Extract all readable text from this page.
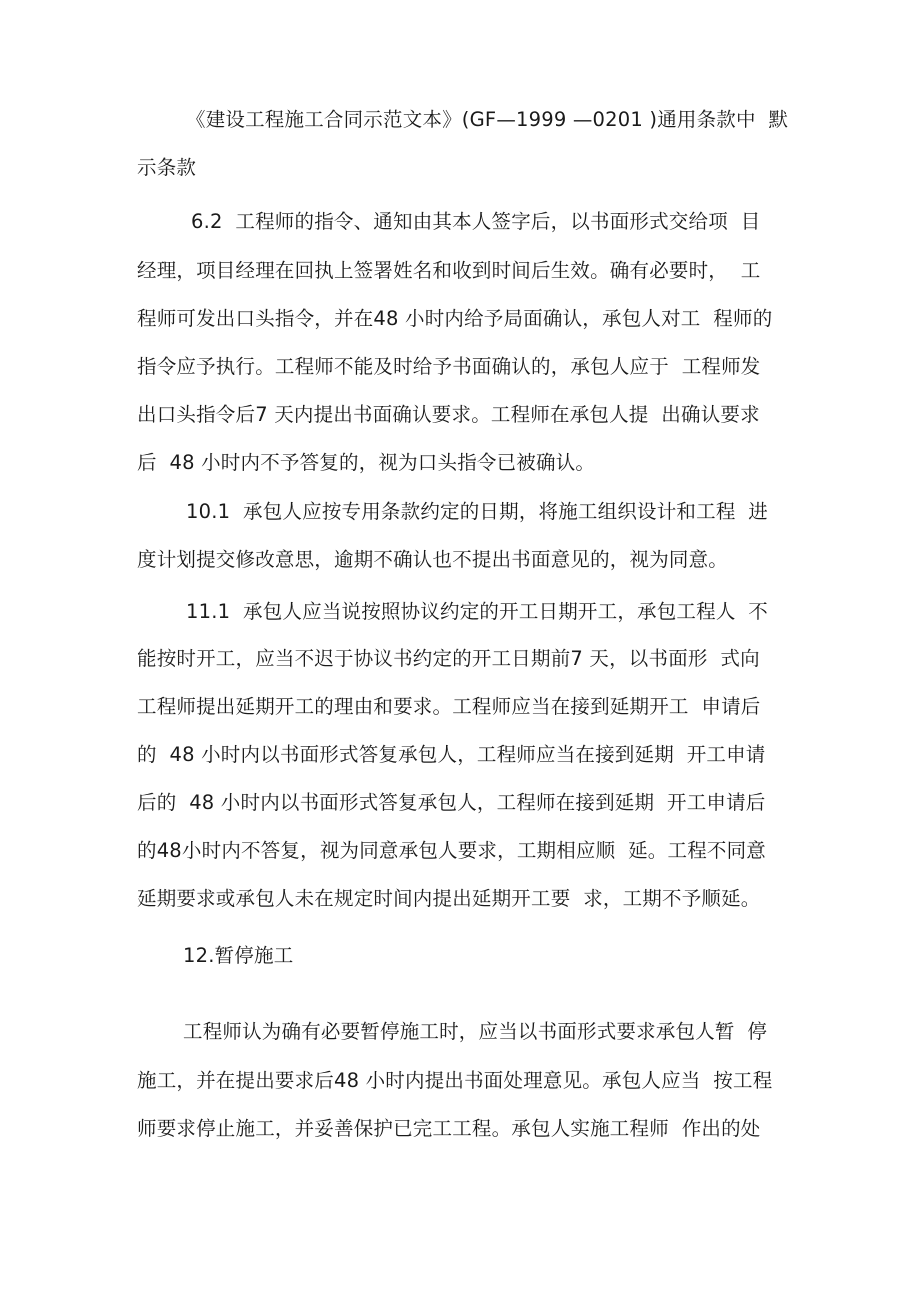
《建设工程施工合同示范文本》(GF—1999 —0201 )通用条款中  默
示条款
6.2  工程师的指令、通知由其本人签字后，以书面形式交给项  目
经理，项目经理在回执上签署姓名和收到时间后生效。确有必要时，  工
程师可发出口头指令，并在48 小时内给予局面确认，承包人对工  程师的
指令应予执行。工程师不能及时给予书面确认的，承包人应于  工程师发
出口头指令后7 天内提出书面确认要求。工程师在承包人提  出确认要求
后  48 小时内不予答复的，视为口头指令已被确认。
10.1  承包人应按专用条款约定的日期，将施工组织设计和工程  进
度计划提交修改意思，逾期不确认也不提出书面意见的，视为同意。
11.1  承包人应当说按照协议约定的开工日期开工，承包工程人  不
能按时开工，应当不迟于协议书约定的开工日期前7 天，以书面形  式向
工程师提出延期开工的理由和要求。工程师应当在接到延期开工  申请后
的  48 小时内以书面形式答复承包人，工程师应当在接到延期  开工申请
后的  48 小时内以书面形式答复承包人，工程师在接到延期  开工申请后
的48小时内不答复，视为同意承包人要求，工期相应顺  延。工程不同意
延期要求或承包人未在规定时间内提出延期开工要  求，工期不予顺延。
12.暂停施工
工程师认为确有必要暂停施工时，应当以书面形式要求承包人暂  停
施工，并在提出要求后48 小时内提出书面处理意见。承包人应当  按工程
师要求停止施工，并妥善保护已完工工程。承包人实施工程师  作出的处
